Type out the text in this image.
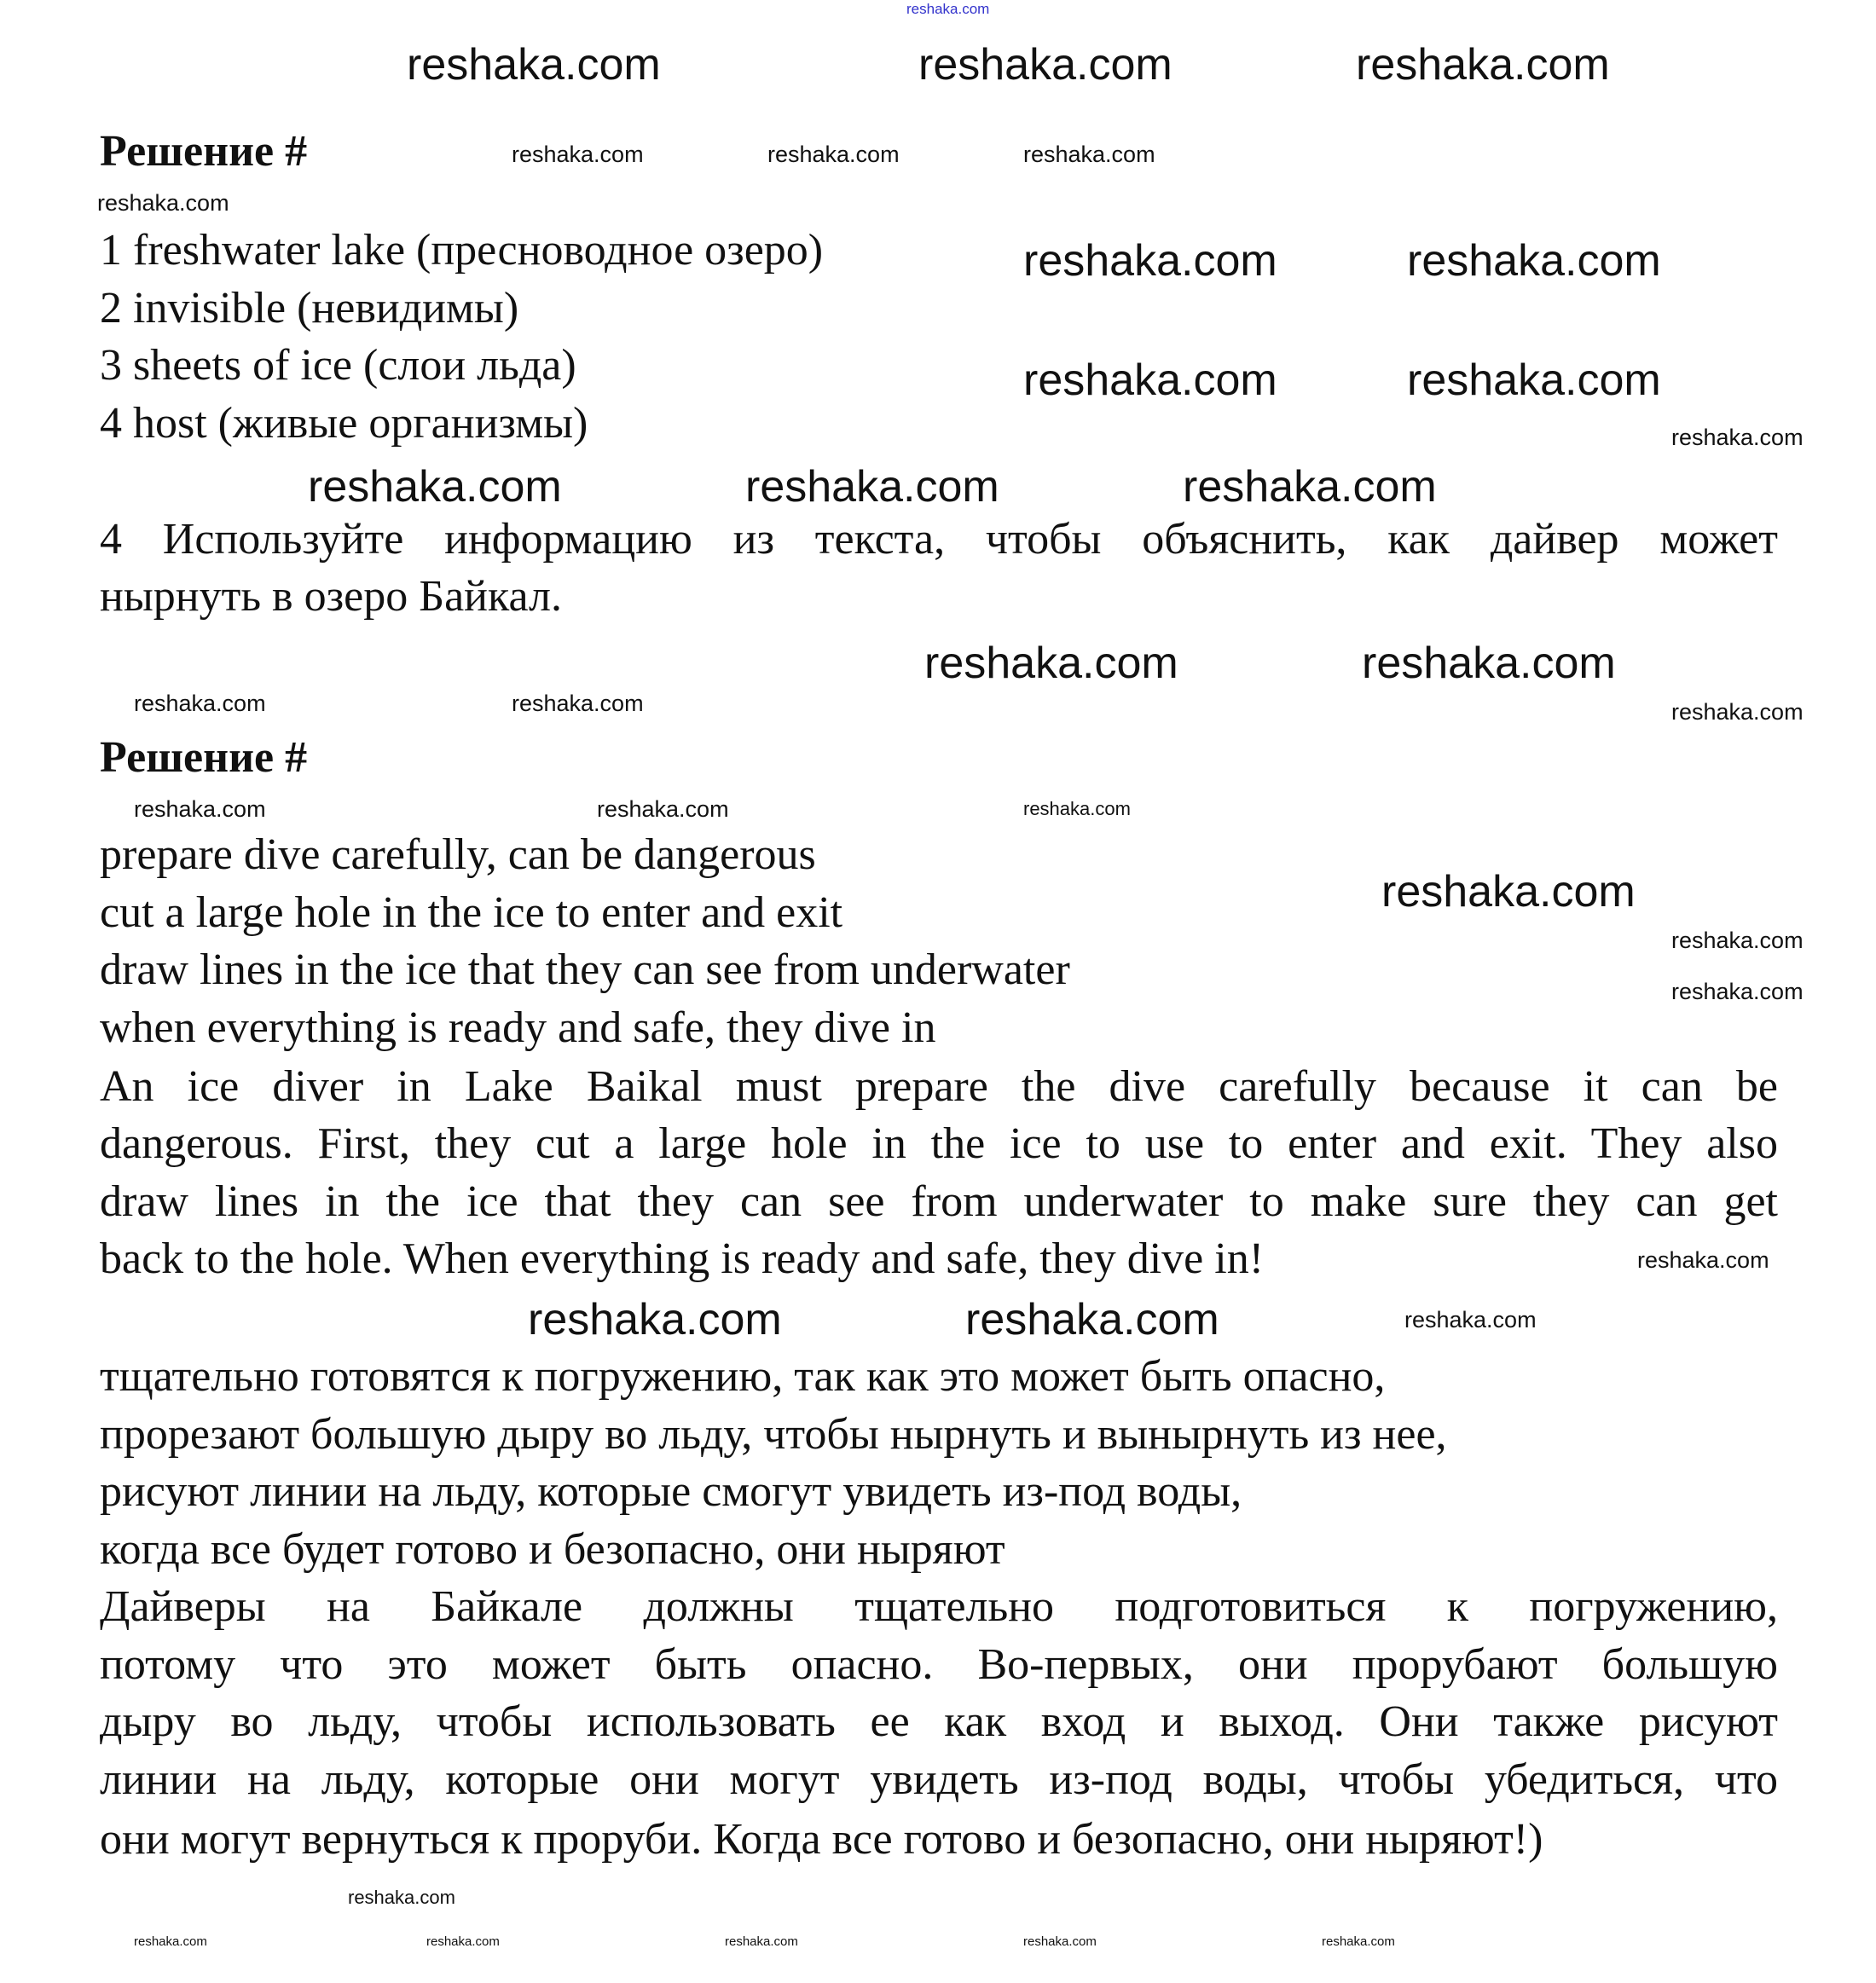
reshaka.com
Решение #
1 freshwater lake (пресноводное озеро)
2 invisible (невидимы)
3 sheets of ice (слои льда)
4 host (живые организмы)
4 Используйте информацию из текста, чтобы объяснить, как дайвер может
нырнуть в озеро Байкал.
Решение #
prepare dive carefully, can be dangerous
cut a large hole in the ice to enter and exit
draw lines in the ice that they can see from underwater
when everything is ready and safe, they dive in
An ice diver in Lake Baikal must prepare the dive carefully because it can be
dangerous. First, they cut a large hole in the ice to use to enter and exit. They also
draw lines in the ice that they can see from underwater to make sure they can get
back to the hole. When everything is ready and safe, they dive in!
тщательно готовятся к погружению, так как это может быть опасно,
прорезают большую дыру во льду, чтобы нырнуть и вынырнуть из нее,
рисуют линии на льду, которые смогут увидеть из-под воды,
когда все будет готово и безопасно, они ныряют
Дайверы на Байкале должны тщательно подготовиться к погружению,
потому что это может быть опасно. Во-первых, они прорубают большую
дыру во льду, чтобы использовать ее как вход и выход. Они также рисуют
линии на льду, которые они могут увидеть из-под воды, чтобы убедиться, что
они могут вернуться к проруби. Когда все готово и безопасно, они ныряют!)
reshaka.com	reshaka.com	reshaka.com
reshaka.com	reshaka.com
reshaka.com	reshaka.com
reshaka.com	reshaka.com	reshaka.com
reshaka.com	reshaka.com
reshaka.com
reshaka.com	reshaka.com
reshaka.com	reshaka.com	reshaka.com
reshaka.com
reshaka.com
reshaka.com	reshaka.com	reshaka.com
reshaka.com	reshaka.com	reshaka.com
reshaka.com
reshaka.com
reshaka.com
reshaka.com
reshaka.com
reshaka.com	reshaka.com	reshaka.com	reshaka.com	reshaka.com
